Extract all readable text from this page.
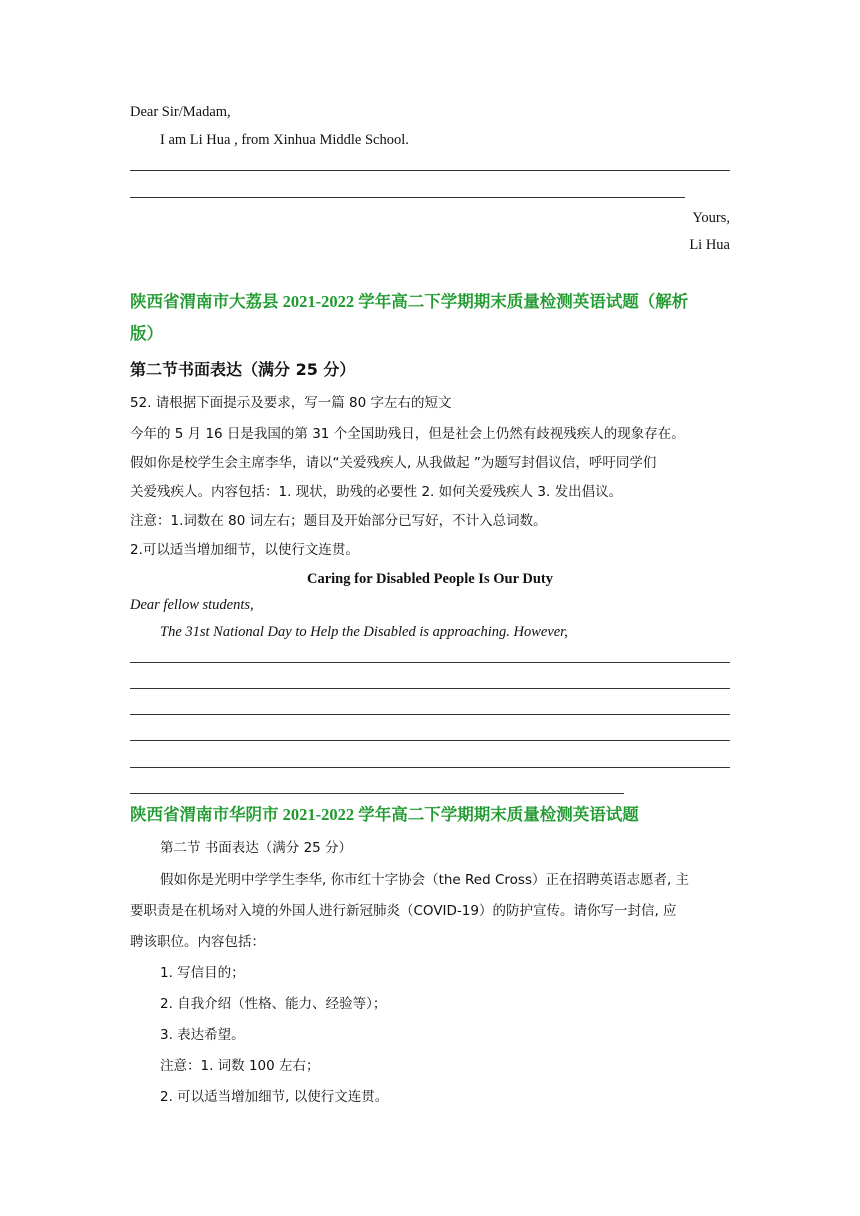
Dear Sir/Madam,
I am Li Hua , from Xinhua Middle School.
Yours,
Li Hua
陕西省渭南市大荔县 2021-2022 学年高二下学期期末质量检测英语试题（解析
版）
第二节书面表达（满分 25 分）
52. 请根据下面提示及要求，写一篇 80 字左右的短文
今年的 5 月 16 日是我国的第 31 个全国助残日，但是社会上仍然有歧视残疾人的现象存在。
假如你是校学生会主席李华，请以“关爱残疾人, 从我做起 ”为题写封倡议信，呼吁同学们
关爱残疾人。内容包括：1. 现状，助残的必要性 2. 如何关爱残疾人 3. 发出倡议。
注意：1.词数在 80 词左右；题目及开始部分已写好，不计入总词数。
2.可以适当增加细节，以使行文连贯。
Caring for Disabled People Is Our Duty
Dear fellow students,
The 31st National Day to Help the Disabled is approaching. However,
陕西省渭南市华阴市 2021-2022 学年高二下学期期末质量检测英语试题
第二节 书面表达（满分 25 分）
假如你是光明中学学生李华, 你市红十字协会（the Red Cross）正在招聘英语志愿者, 主
要职责是在机场对入境的外国人进行新冠肺炎（COVID-19）的防护宣传。请你写一封信, 应
聘该职位。内容包括：
1. 写信目的；
2. 自我介绍（性格、能力、经验等）；
3. 表达希望。
注意：1. 词数 100 左右；
2. 可以适当增加细节, 以使行文连贯。
